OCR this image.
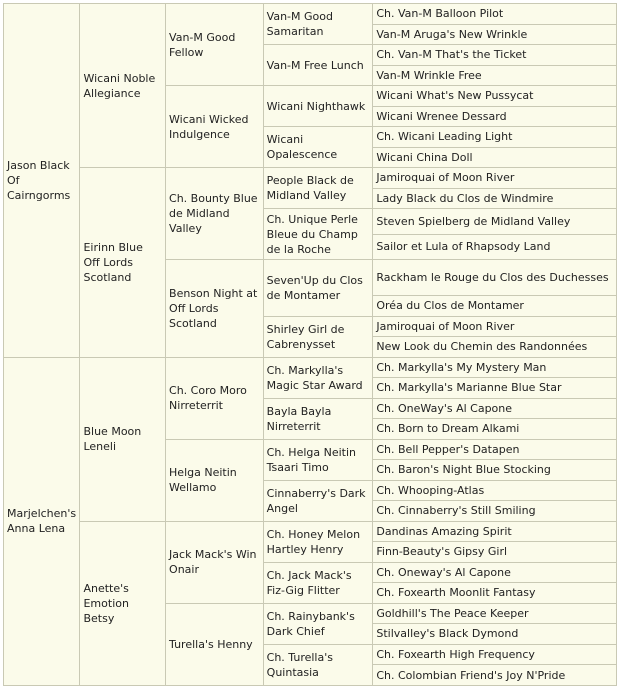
Jason Black Of Cairngorms	Wicani Noble Allegiance	Van-M Good Fellow	Van-M Good Samaritan	Ch. Van-M Balloon Pilot
				Van-M Aruga's New Wrinkle
			Van-M Free Lunch	Ch. Van-M That's the Ticket
				Van-M Wrinkle Free
		Wicani Wicked Indulgence	Wicani Nighthawk	Wicani What's New Pussycat
				Wicani Wrenee Dessard
			Wicani Opalescence	Ch. Wicani Leading Light
				Wicani China Doll
	Eirinn Blue Off Lords Scotland	Ch. Bounty Blue de Midland Valley	People Black de Midland Valley	Jamiroquai of Moon River
				Lady Black du Clos de Windmire
			Ch. Unique Perle Bleue du Champ de la Roche	Steven Spielberg de Midland Valley
				Sailor et Lula of Rhapsody Land
		Benson Night at Off Lords Scotland	Seven'Up du Clos de Montamer	Rackham le Rouge du Clos des Duchesses
				Oréa du Clos de Montamer
			Shirley Girl de Cabrenysset	Jamiroquai of Moon River
				New Look du Chemin des Randonnées
Marjelchen's Anna Lena	Blue Moon Leneli	Ch. Coro Moro Nirreterrit	Ch. Markylla's Magic Star Award	Ch. Markylla's My Mystery Man
				Ch. Markylla's Marianne Blue Star
			Bayla Bayla Nirreterrit	Ch. OneWay's Al Capone
				Ch. Born to Dream Alkami
		Helga Neitin Wellamo	Ch. Helga Neitin Tsaari Timo	Ch. Bell Pepper's Datapen
				Ch. Baron's Night Blue Stocking
			Cinnaberry's Dark Angel	Ch. Whooping-Atlas
				Ch. Cinnaberry's Still Smiling
	Anette's Emotion Betsy	Jack Mack's Win Onair	Ch. Honey Melon Hartley Henry	Dandinas Amazing Spirit
				Finn-Beauty's Gipsy Girl
			Ch. Jack Mack's Fiz-Gig Flitter	Ch. Oneway's Al Capone
				Ch. Foxearth Moonlit Fantasy
		Turella's Henny	Ch. Rainybank's Dark Chief	Goldhill's The Peace Keeper
				Stilvalley's Black Dymond
			Ch. Turella's Quintasia	Ch. Foxearth High Frequency
				Ch. Colombian Friend's Joy N'Pride
